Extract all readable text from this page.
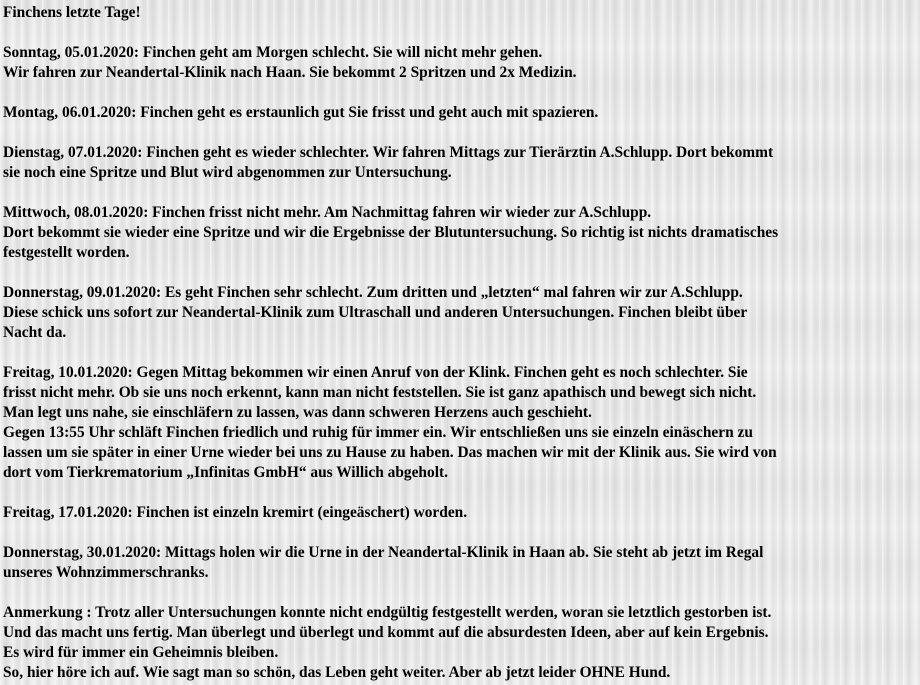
Finchens letzte Tage!
Sonntag, 05.01.2020: Finchen geht am Morgen schlecht. Sie will nicht mehr gehen.
Wir fahren zur Neandertal-Klinik nach Haan. Sie bekommt 2 Spritzen und 2x Medizin.
Montag, 06.01.2020: Finchen geht es erstaunlich gut Sie frisst und geht auch mit spazieren.
Dienstag, 07.01.2020: Finchen geht es wieder schlechter. Wir fahren Mittags zur Tierärztin A.Schlupp. Dort bekommt
sie noch eine Spritze und Blut wird abgenommen zur Untersuchung.
Mittwoch, 08.01.2020: Finchen frisst nicht mehr. Am Nachmittag fahren wir wieder zur A.Schlupp.
Dort bekommt sie wieder eine Spritze und wir die Ergebnisse der Blutuntersuchung. So richtig ist nichts dramatisches
festgestellt worden.
Donnerstag, 09.01.2020: Es geht Finchen sehr schlecht. Zum dritten und „letzten“ mal fahren wir zur A.Schlupp.
Diese schick uns sofort zur Neandertal-Klinik zum Ultraschall und anderen Untersuchungen. Finchen bleibt über
Nacht da.
Freitag, 10.01.2020: Gegen Mittag bekommen wir einen Anruf von der Klink. Finchen geht es noch schlechter. Sie
frisst nicht mehr. Ob sie uns noch erkennt, kann man nicht feststellen. Sie ist ganz apathisch und bewegt sich nicht.
Man legt uns nahe, sie einschläfern zu lassen, was dann schweren Herzens auch geschieht.
Gegen 13:55 Uhr schläft Finchen friedlich und ruhig für immer ein. Wir entschließen uns sie einzeln einäschern zu
lassen um sie später in einer Urne wieder bei uns zu Hause zu haben. Das machen wir mit der Klinik aus. Sie wird von
dort vom Tierkrematorium „Infinitas GmbH“ aus Willich abgeholt.
Freitag, 17.01.2020: Finchen ist einzeln kremirt (eingeäschert) worden.
Donnerstag, 30.01.2020: Mittags holen wir die Urne in der Neandertal-Klinik in Haan ab. Sie steht ab jetzt im Regal
unseres Wohnzimmerschranks.
Anmerkung : Trotz aller Untersuchungen konnte nicht endgültig festgestellt werden, woran sie letztlich gestorben ist.
Und das macht uns fertig. Man überlegt und überlegt und kommt auf die absurdesten Ideen, aber auf kein Ergebnis.
Es wird für immer ein Geheimnis bleiben.
So, hier höre ich auf. Wie sagt man so schön, das Leben geht weiter. Aber ab jetzt leider OHNE Hund.
